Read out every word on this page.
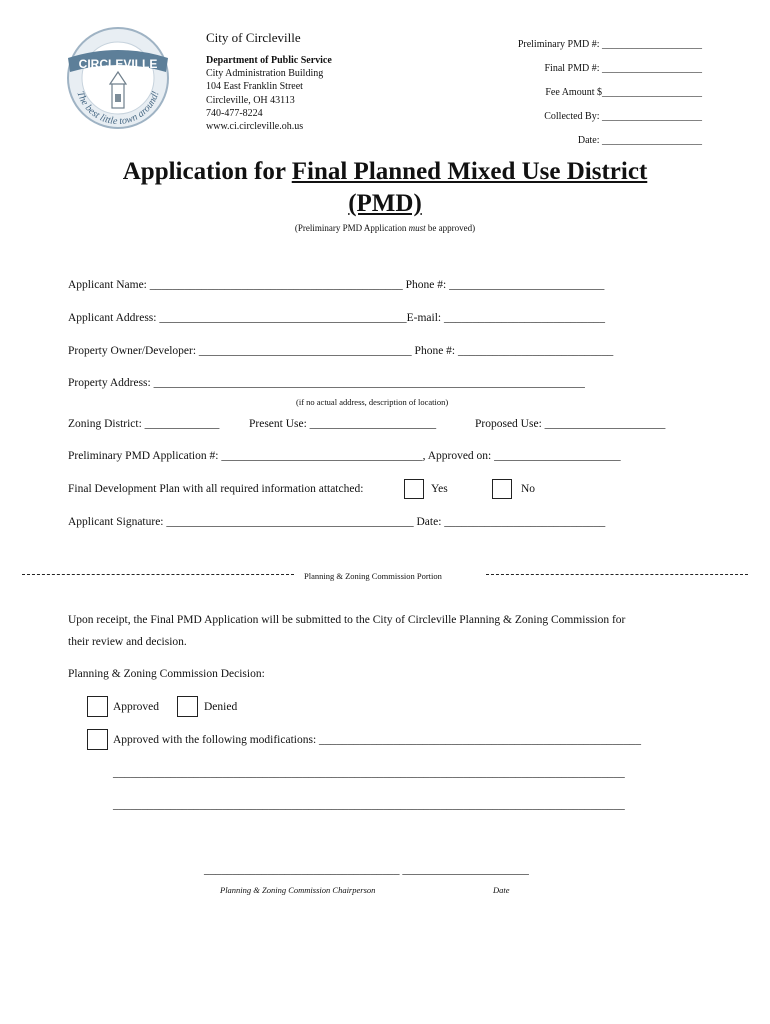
CIRCLEVILLE
The best little town around!
City of Circleville
Department of Public Service
City Administration Building
104 East Franklin Street
Circleville, OH 43113
740-477-8224
www.ci.circleville.oh.us
Preliminary PMD #: ____________________
Final PMD #: ____________________
Fee Amount $____________________
Collected By: ____________________
Date: ____________________
Application for Final Planned Mixed Use District
(PMD)
(Preliminary PMD Application must be approved)
Applicant Name: ____________________________________________ Phone #: ___________________________
Applicant Address: ___________________________________________E-mail: ____________________________
Property Owner/Developer: _____________________________________ Phone #: ___________________________
Property Address: ___________________________________________________________________________
(if no actual address, description of location)
Zoning District: _____________	Present Use: ______________________	Proposed Use: _____________________
Preliminary PMD Application #: ___________________________________, Approved on: ______________________
Final Development Plan with all required information attatched:	Yes	No
Applicant Signature: ___________________________________________ Date: ____________________________
Planning & Zoning Commission Portion
Upon receipt, the Final PMD Application will be submitted to the City of Circleville Planning & Zoning Commission for
their review and decision.
Planning & Zoning Commission Decision:
Approved	Denied
Approved with the following modifications: ________________________________________________________
_________________________________________________________________________________________
_________________________________________________________________________________________
__________________________________ ______________________
Planning & Zoning Commission Chairperson	Date
